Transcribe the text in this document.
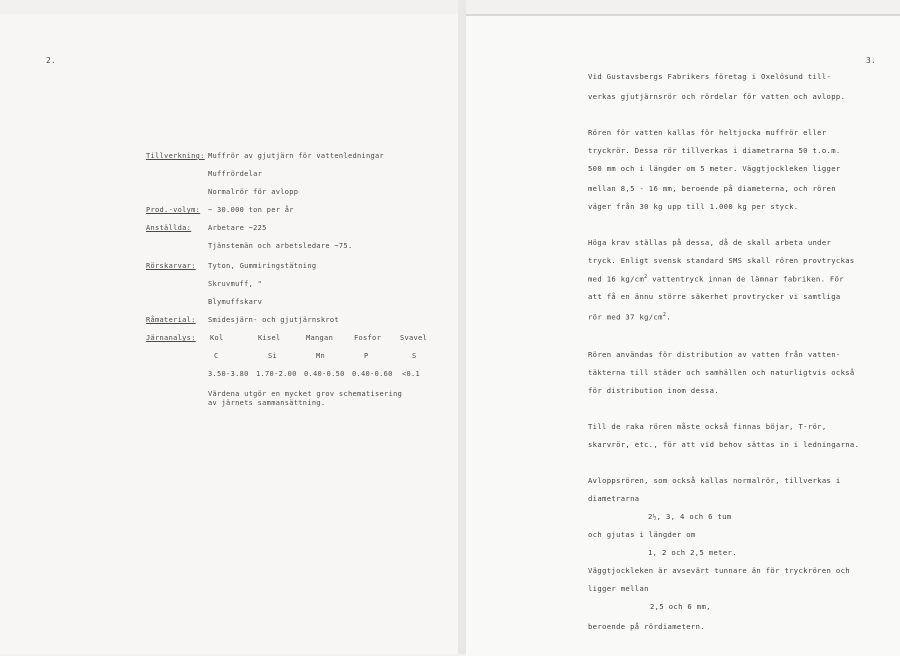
2.
Tillverkning: Muffrör av gjutjärn för vattenledningar
Muffrördelar
Normalrör för avlopp
Prod.-volym: ~ 30.000 ton per år
Anställda: Arbetare ~225
Tjänstemän och arbetsledare ~75.
Rörskarvar: Tyton, Gummiringstätning
Skruvmuff, "
Blymuffskarv
Råmaterial: Smidesjärn- och gjutjärnskrot
Järnanalys: Kol	Kisel	Mangan	Fosfor	Svavel
C	Si	Mn	P	S
3.50-3.80 1.70-2.00 0.40-0.50 0.40-0.60 <0.1
Värdena utgör en mycket grov schematisering
av järnets sammansättning.
3.
Vid Gustavsbergs Fabrikers företag i Oxelösund till-
verkas gjutjärnsrör och rördelar för vatten och avlopp.
Rören för vatten kallas för heltjocka muffrör eller
tryckrör. Dessa rör tillverkas i diametrarna 50 t.o.m.
500 mm och i längder om 5 meter. Väggtjockleken ligger
mellan 8,5 - 16 mm, beroende på diameterna, och rören
väger från 30 kg upp till 1.000 kg per styck.
Höga krav ställas på dessa, då de skall arbeta under
tryck. Enligt svensk standard SMS skall rören provtryckas
med 16 $kg/cm^2$ vattentryck innan de lämnar fabriken. För
att få en ännu större säkerhet provtrycker vi samtliga
rör med 37 $kg/cm^2$.
Rören användas för distribution av vatten från vatten-
täkterna till städer och samhällen och naturligtvis också
för distribution inom dessa.
Till de raka rören måste också finnas böjar, T-rör,
skarvrör, etc., för att vid behov sättas in i ledningarna.
Avloppsrören, som också kallas normalrör, tillverkas i
diametrarna
2½, 3, 4 och 6 tum
och gjutas i längder om
1, 2 och 2,5 meter.
Väggtjockleken är avsevärt tunnare än för tryckrören och
ligger mellan
2,5 och 6 mm,
beroende på rördiametern.
